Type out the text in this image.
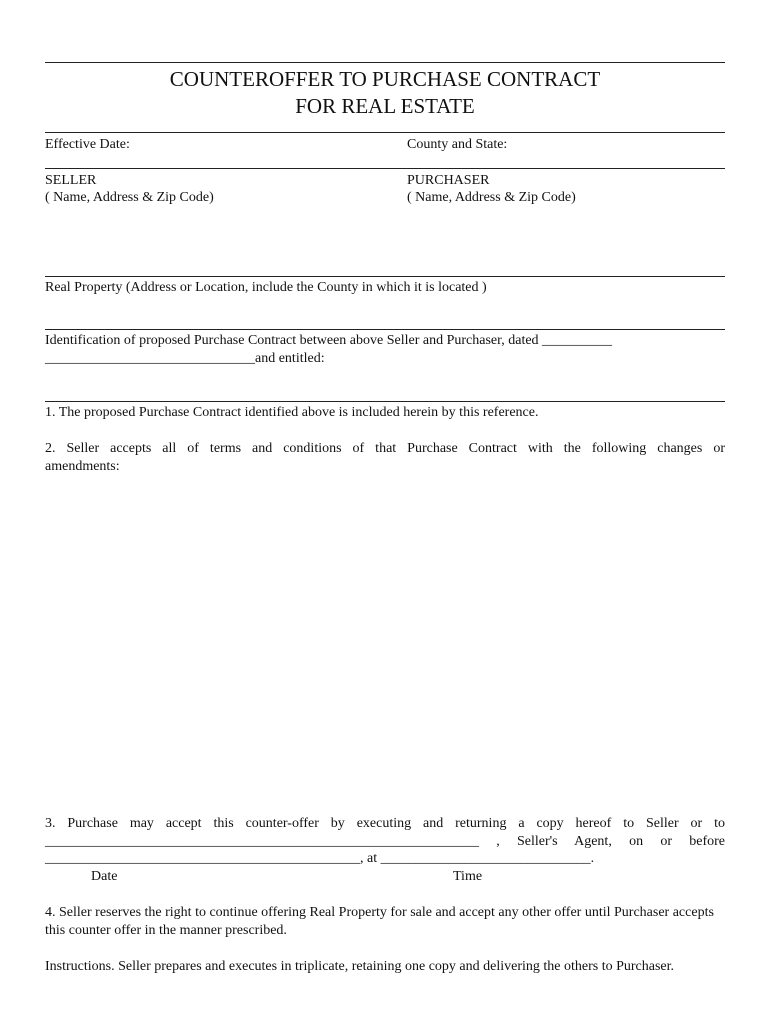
COUNTEROFFER TO PURCHASE CONTRACT
FOR REAL ESTATE
Effective Date:	County and State:
SELLER
( Name, Address & Zip Code)
PURCHASER
( Name, Address & Zip Code)
Real Property (Address or Location, include the County in which it is located )
Identification of proposed Purchase Contract between above Seller and Purchaser, dated __________
______________________________and entitled:
1. The proposed Purchase Contract identified above is included herein by this reference.
2. Seller accepts all of terms and conditions of that Purchase Contract with the following changes or
amendments:
3. Purchase may accept this counter-offer by executing and returning a copy hereof to Seller or to
______________________________________________________________ , Seller's Agent, on or before
_____________________________________________, at ______________________________.
Date	Time
4. Seller reserves the right to continue offering Real Property for sale and accept any other offer until Purchaser accepts this counter offer in the manner prescribed.
Instructions. Seller prepares and executes in triplicate, retaining one copy and delivering the others to Purchaser.
